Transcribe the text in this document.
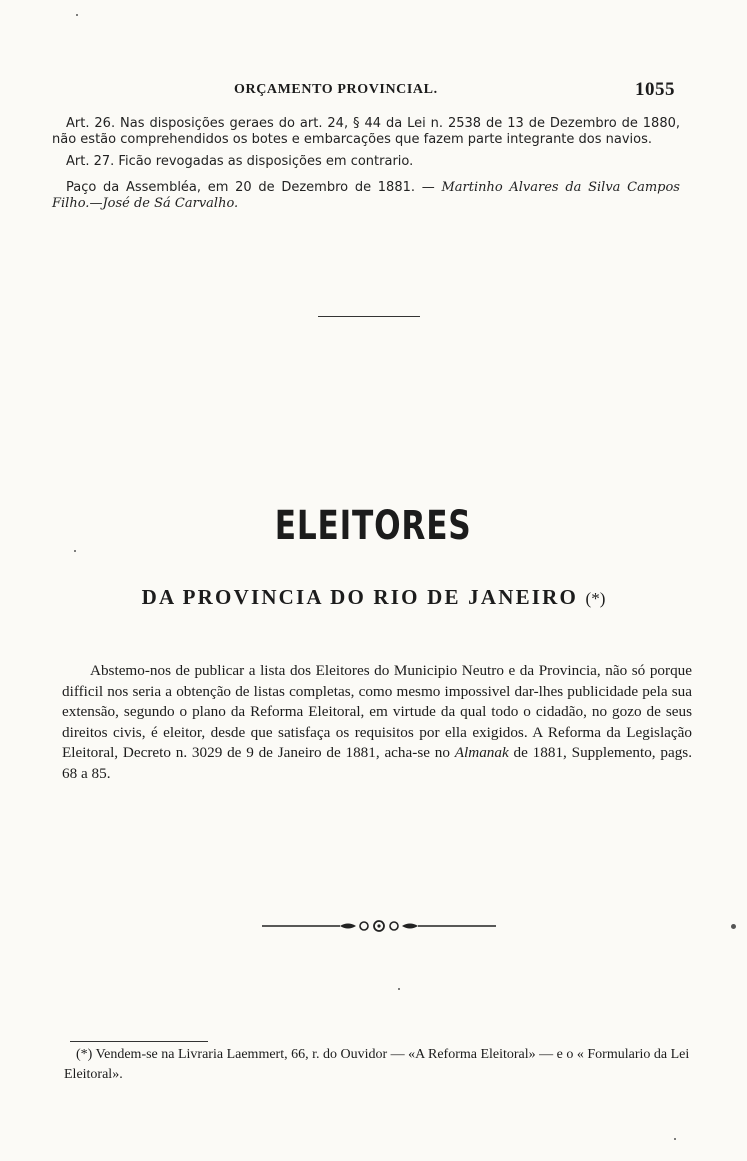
ORÇAMENTO PROVINCIAL.	1055

Art. 26. Nas disposições geraes do art. 24, § 44 da Lei n. 2538 de 13 de Dezembro de 1880, não estão comprehendidos os botes e embarcações que fazem parte integrante dos navios.

Art. 27. Ficão revogadas as disposições em contrario.

Paço da Assembléa, em 20 de Dezembro de 1881. — Martinho Alvares da Silva Campos Filho.—José de Sá Carvalho.

ELEITORES
DA PROVINCIA DO RIO DE JANEIRO (*)

Abstemo-nos de publicar a lista dos Eleitores do Municipio Neutro e da Provincia, não só porque difficil nos seria a obtenção de listas completas, como mesmo impossivel dar-lhes publicidade pela sua extensão, segundo o plano da Reforma Eleitoral, em virtude da qual todo o cidadão, no gozo de seus direitos civis, é eleitor, desde que satisfaça os requisitos por ella exigidos. A Reforma da Legislação Eleitoral, Decreto n. 3029 de 9 de Janeiro de 1881, acha-se no Almanak de 1881, Supplemento, pags. 68 a 85.

(*) Vendem-se na Livraria Laemmert, 66, r. do Ouvidor — «A Reforma Eleitoral» — e o « Formulario da Lei Eleitoral».
